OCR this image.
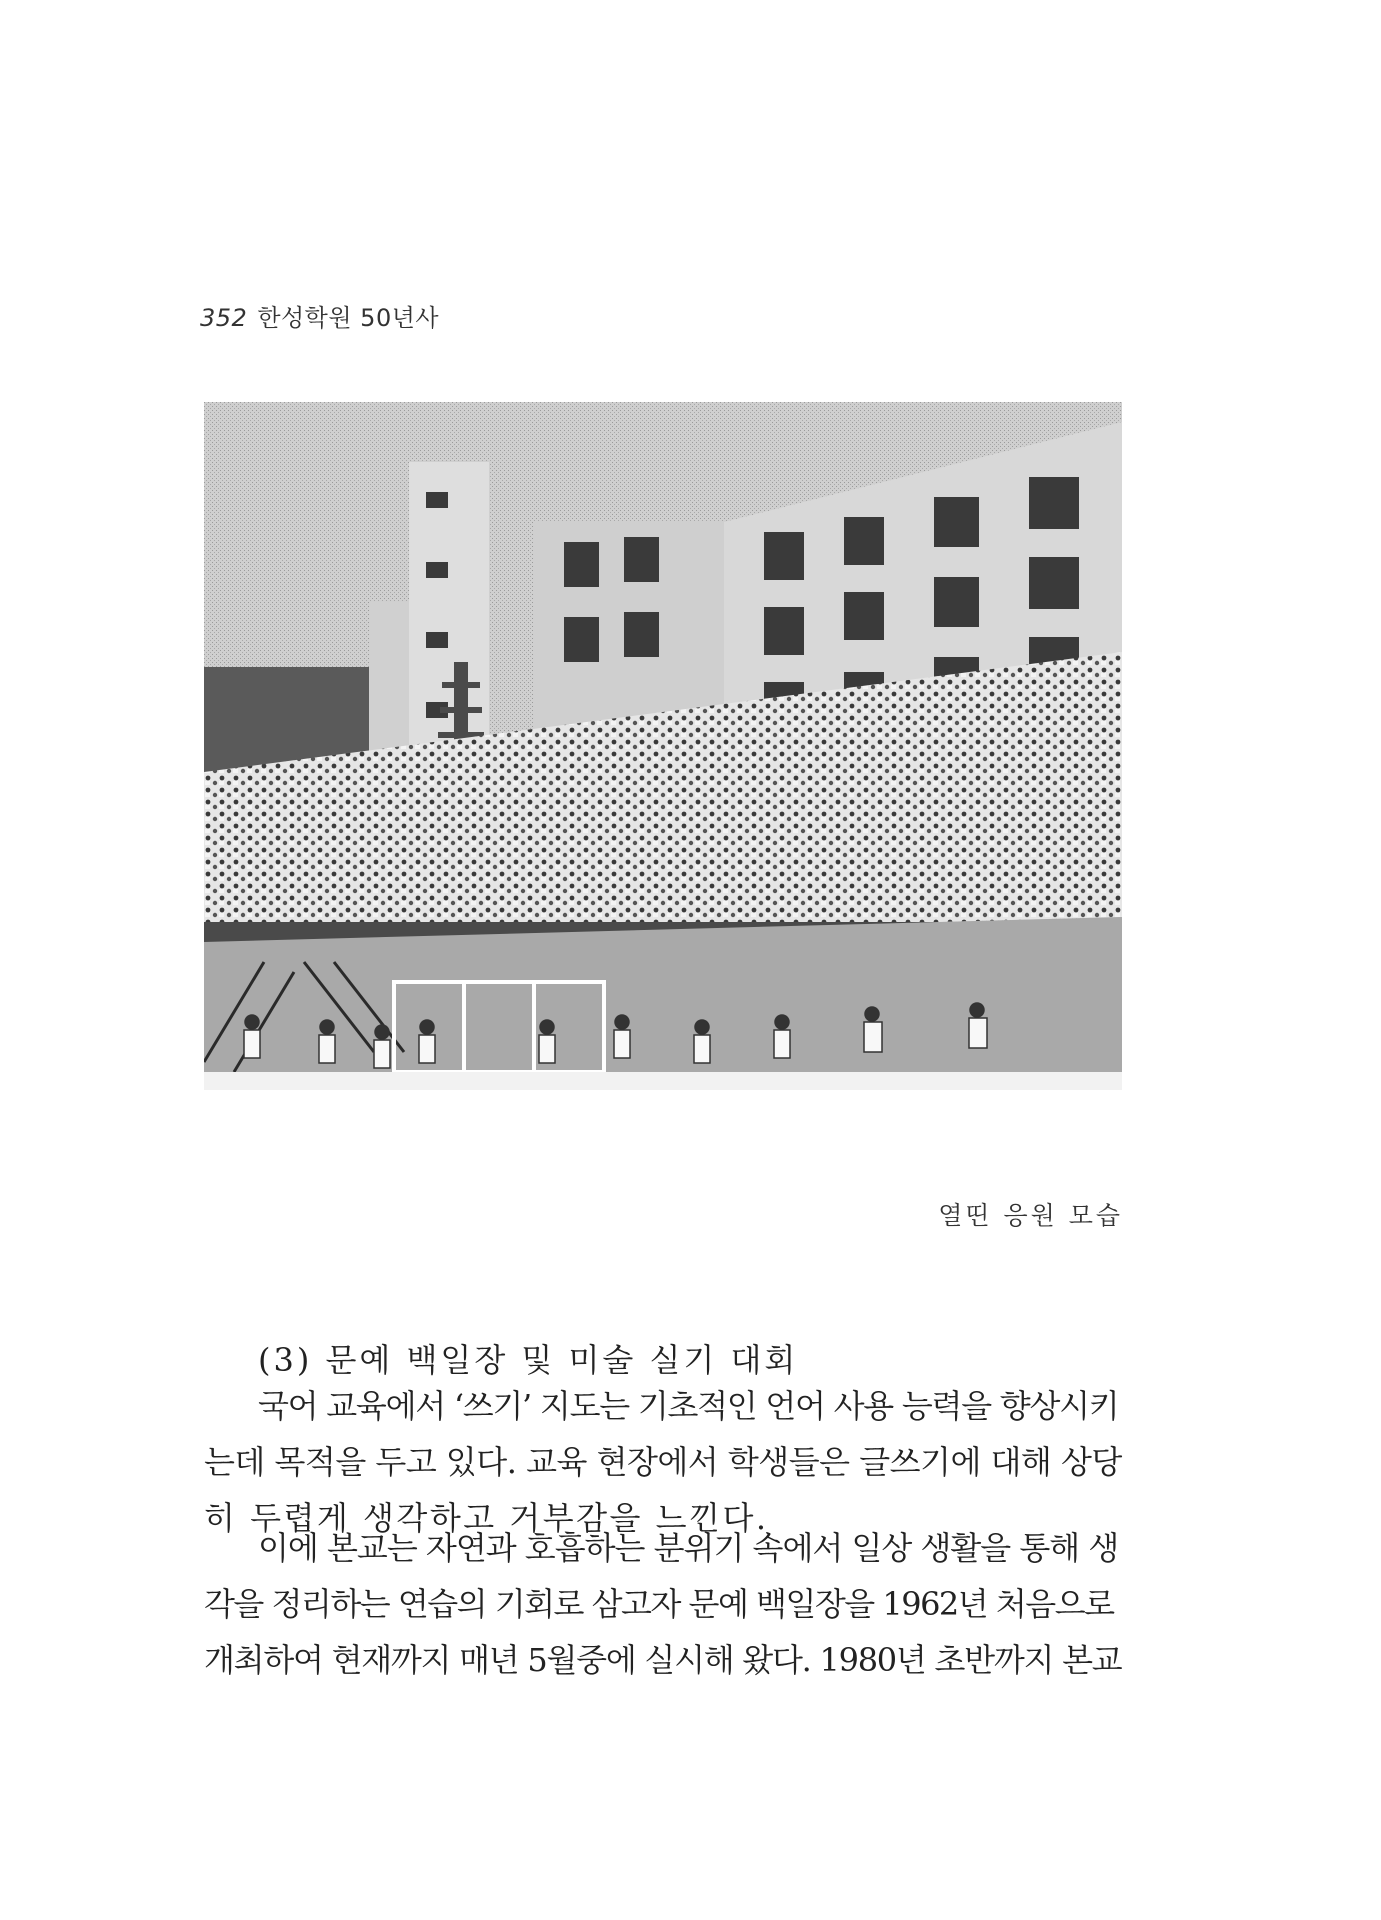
352 한성학원 50년사
열띤 응원 모습
(3) 문예 백일장 및 미술 실기 대회

국어 교육에서 ‘쓰기’ 지도는 기초적인 언어 사용 능력을 향상시키
는데 목적을 두고 있다. 교육 현장에서 학생들은 글쓰기에 대해 상당
히 두렵게 생각하고 거부감을 느낀다.

이에 본교는 자연과 호흡하는 분위기 속에서 일상 생활을 통해 생
각을 정리하는 연습의 기회로 삼고자 문예 백일장을 1962년 처음으로
개최하여 현재까지 매년 5월중에 실시해 왔다. 1980년 초반까지 본교
